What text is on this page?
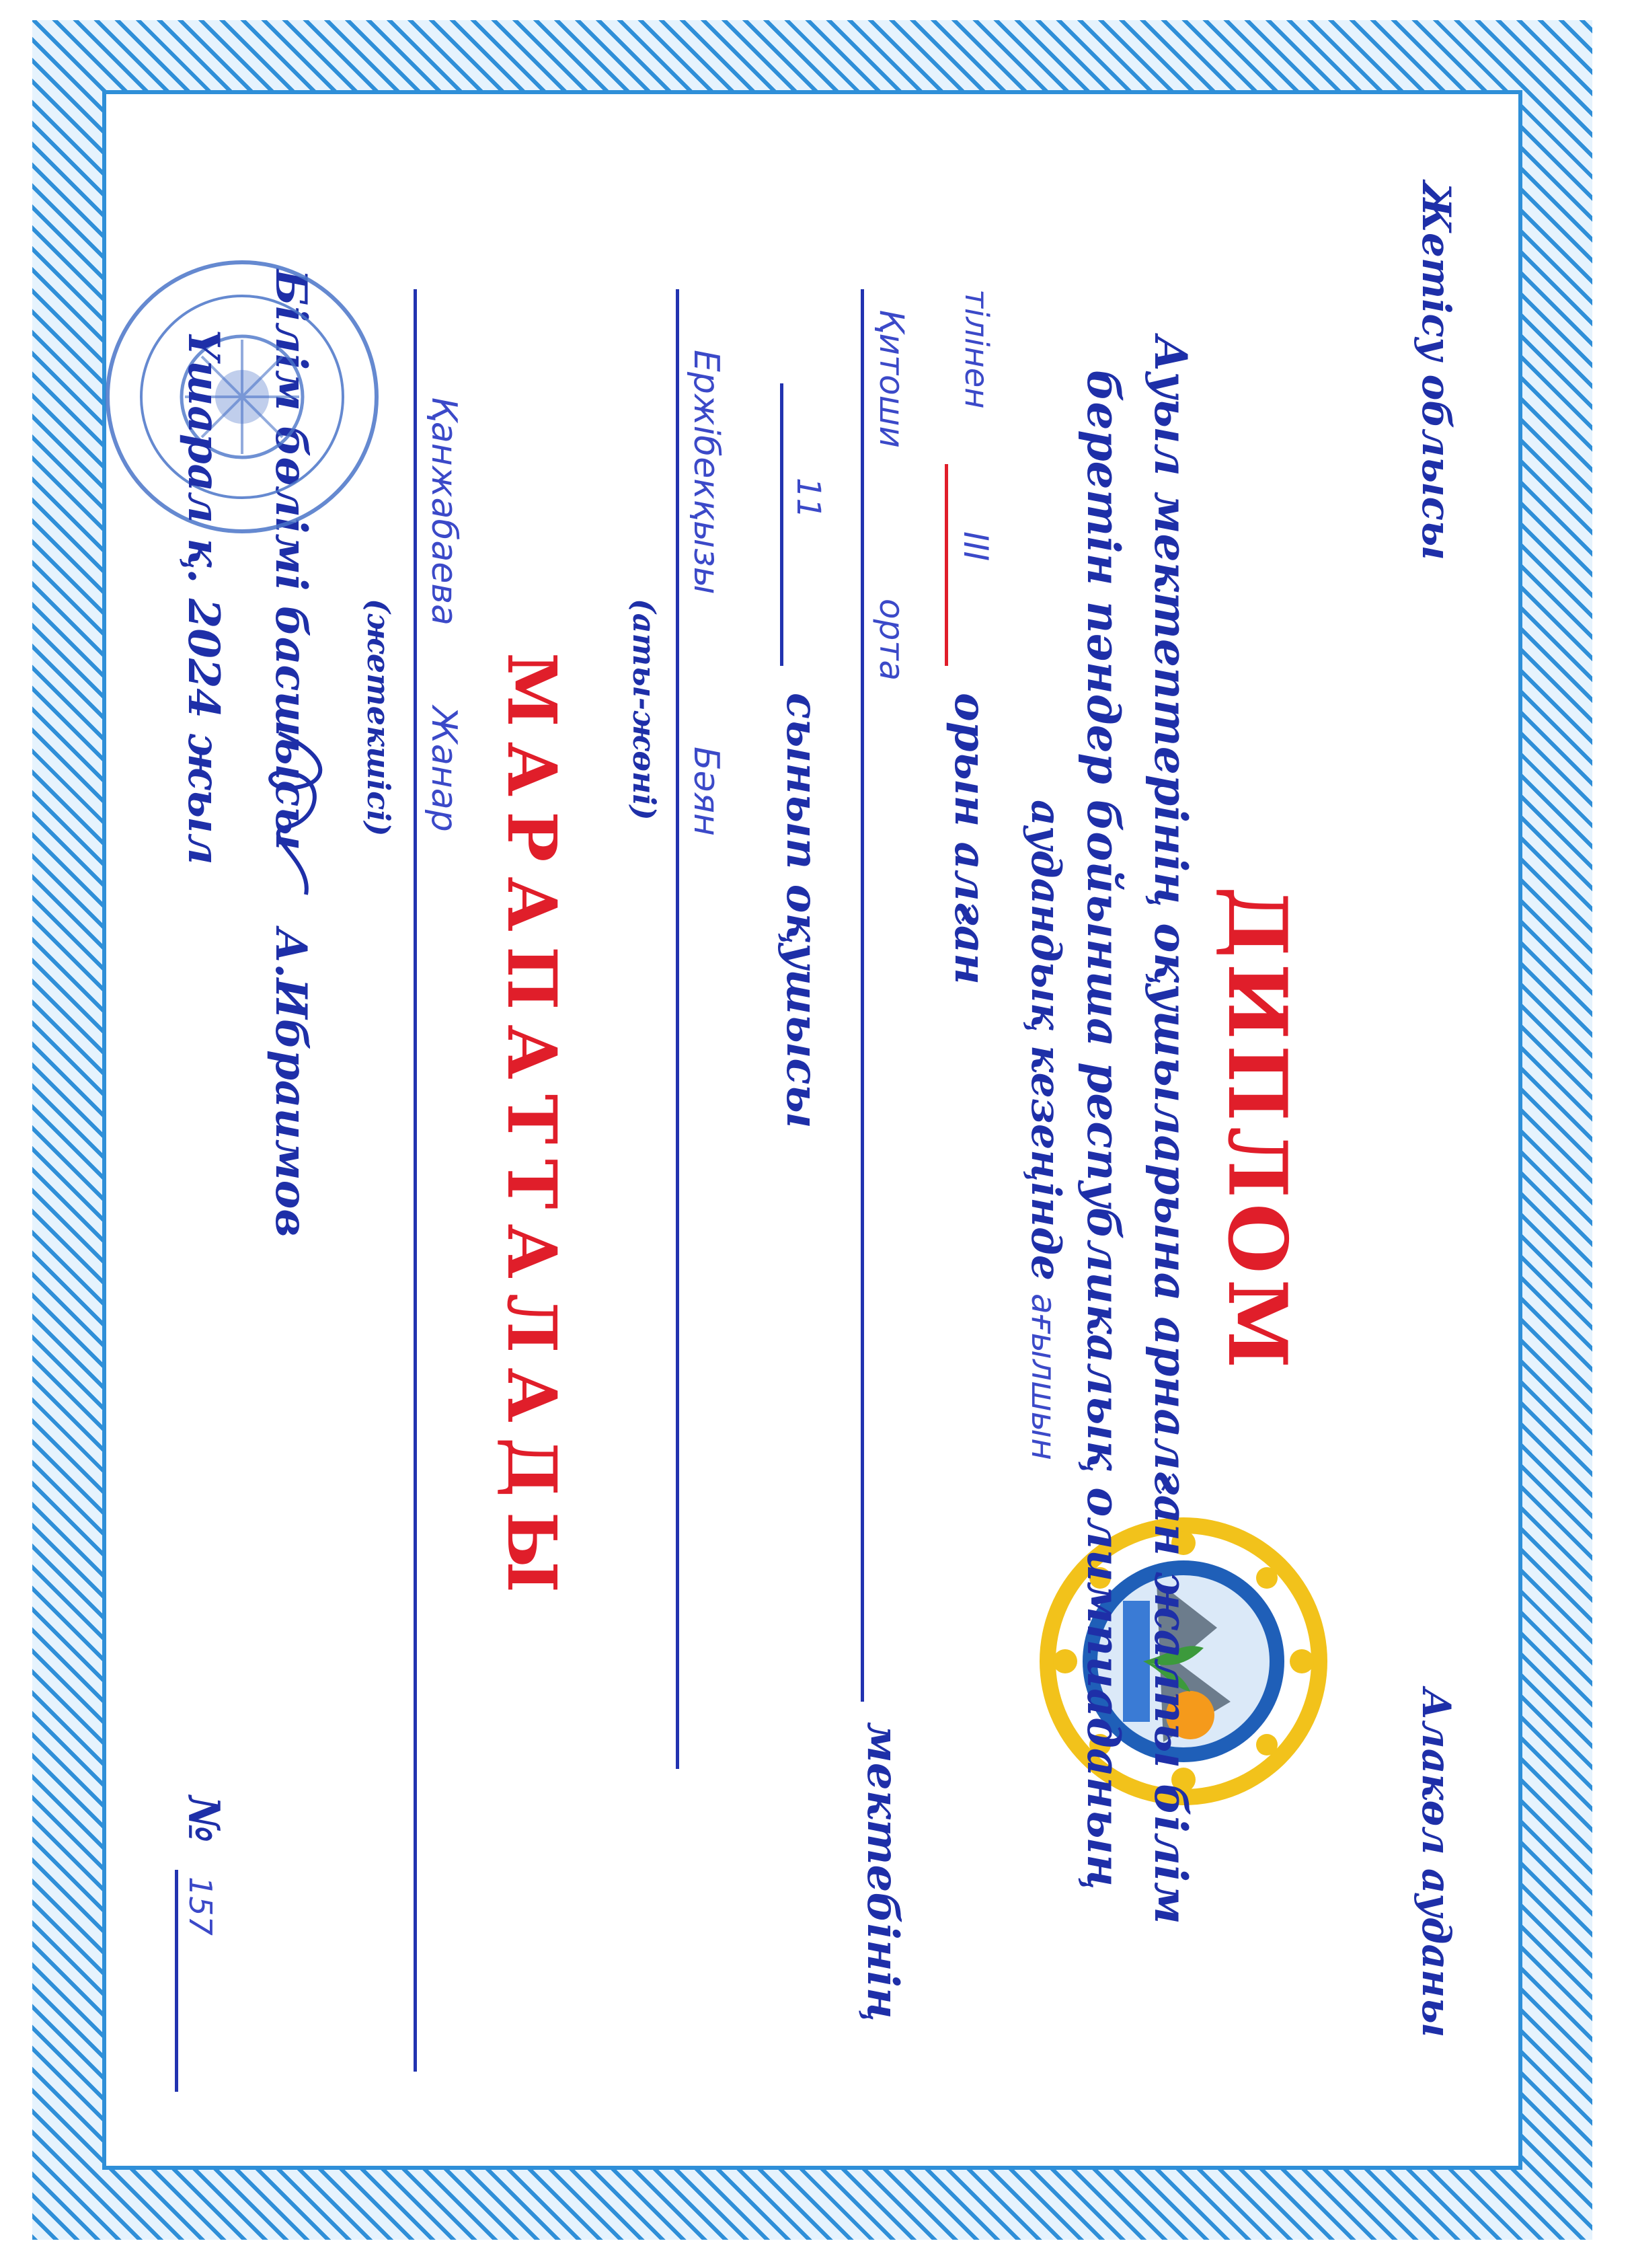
Жетісу облысы
Алакөл ауданы
ДИПЛОМ
Ауыл мектептерінің оқушыларына арналған жалпы білім
беретін пәндер бойынша республикалық олимпиаданың
аудандық кезеңінде ағылшын
тілінен
III
орын алған
Қитоши
орта
мектебінің
11
сынып оқушысы
Ержібекқызы
Бәян
(аты-жөні)
МАРАПАТТАЛАДЫ
Қанжабаева
Жанар
(жетекшісі)
Білім бөлімі басшысы
А.Ибраимов
Үшарал қ. 2024 жыл
№
157
